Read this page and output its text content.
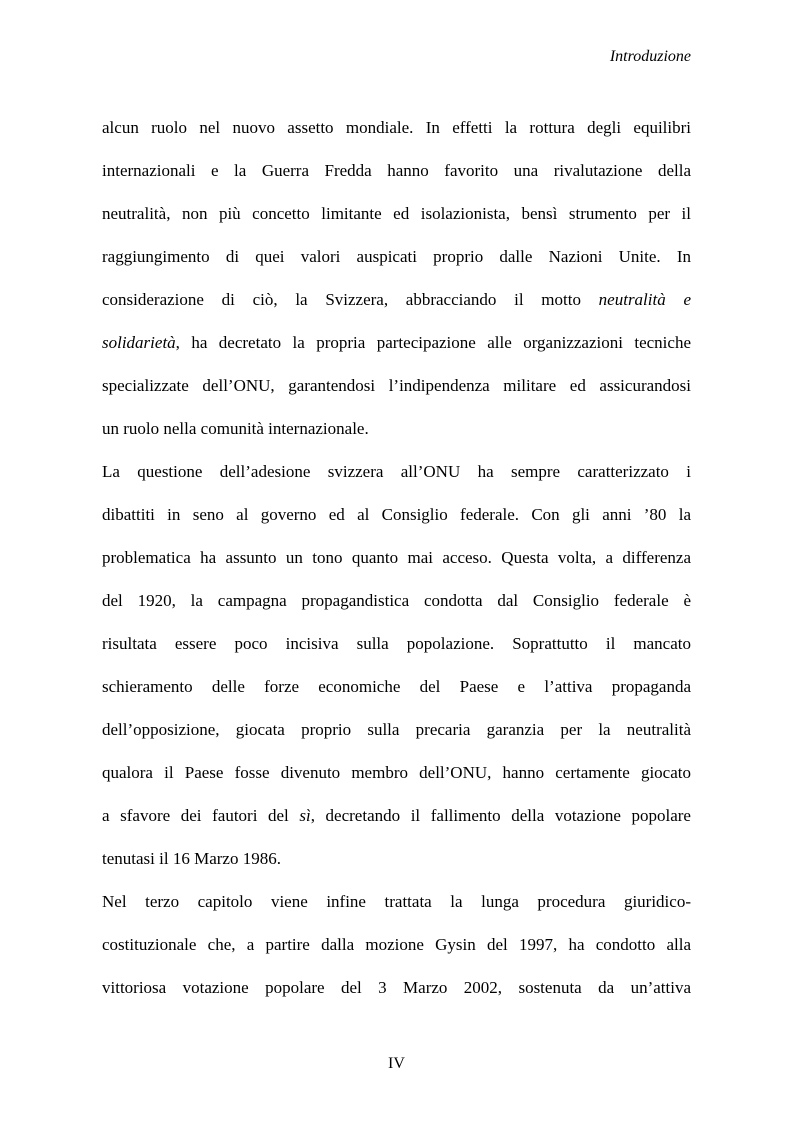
Introduzione
alcun ruolo nel nuovo assetto mondiale. In effetti la rottura degli equilibri
internazionali e la Guerra Fredda hanno favorito una rivalutazione della
neutralità, non più concetto limitante ed isolazionista, bensì strumento per il
raggiungimento di quei valori auspicati proprio dalle Nazioni Unite. In
considerazione di ciò, la Svizzera, abbracciando il motto neutralità e
solidarietà, ha decretato la propria partecipazione alle organizzazioni tecniche
specializzate dell’ONU, garantendosi l’indipendenza militare ed assicurandosi
un ruolo nella comunità internazionale.
La questione dell’adesione svizzera all’ONU ha sempre caratterizzato i
dibattiti in seno al governo ed al Consiglio federale. Con gli anni ’80 la
problematica ha assunto un tono quanto mai acceso. Questa volta, a differenza
del 1920, la campagna propagandistica condotta dal Consiglio federale è
risultata essere poco incisiva sulla popolazione. Soprattutto il mancato
schieramento delle forze economiche del Paese e l’attiva propaganda
dell’opposizione, giocata proprio sulla precaria garanzia per la neutralità
qualora il Paese fosse divenuto membro dell’ONU, hanno certamente giocato
a sfavore dei fautori del sì, decretando il fallimento della votazione popolare
tenutasi il 16 Marzo 1986.
Nel terzo capitolo viene infine trattata la lunga procedura giuridico-
costituzionale che, a partire dalla mozione Gysin del 1997, ha condotto alla
vittoriosa votazione popolare del 3 Marzo 2002, sostenuta da un’attiva
IV
